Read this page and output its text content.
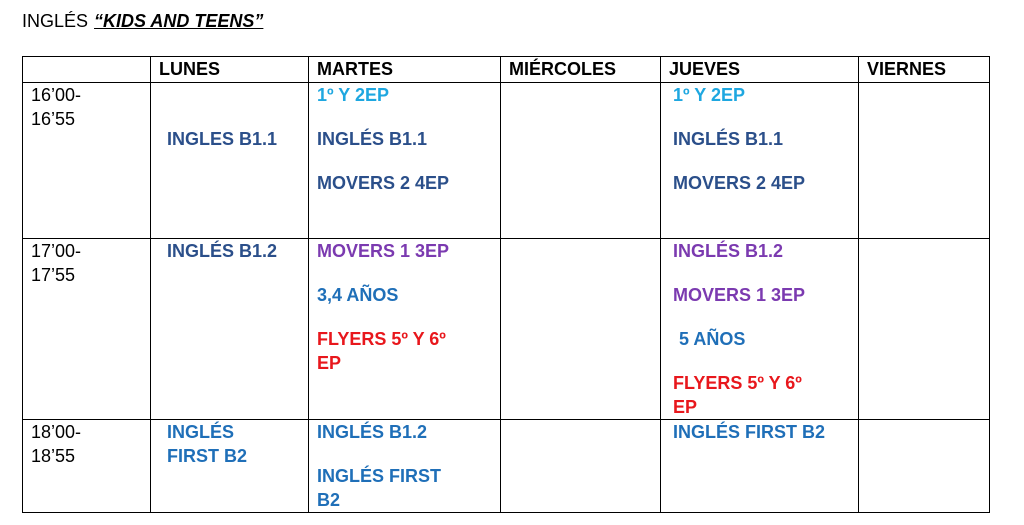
INGLÉS “KIDS AND TEENS”
	LUNES	MARTES	MIÉRCOLES	JUEVES	VIERNES
16’00-
16’55	INGLES B1.1	1º Y 2EP
INGLÉS B1.1
MOVERS 2 4EP		1º Y 2EP
INGLÉS B1.1
MOVERS 2 4EP	

17’00-
17’55	INGLÉS B1.2	MOVERS 1 3EP
3,4 AÑOS
FLYERS 5º Y 6º
EP		INGLÉS B1.2
MOVERS 1 3EP
5 AÑOS
FLYERS 5º Y 6º
EP	

18’00-
18’55	INGLÉS
FIRST B2	INGLÉS B1.2
INGLÉS FIRST
B2		INGLÉS FIRST B2	
